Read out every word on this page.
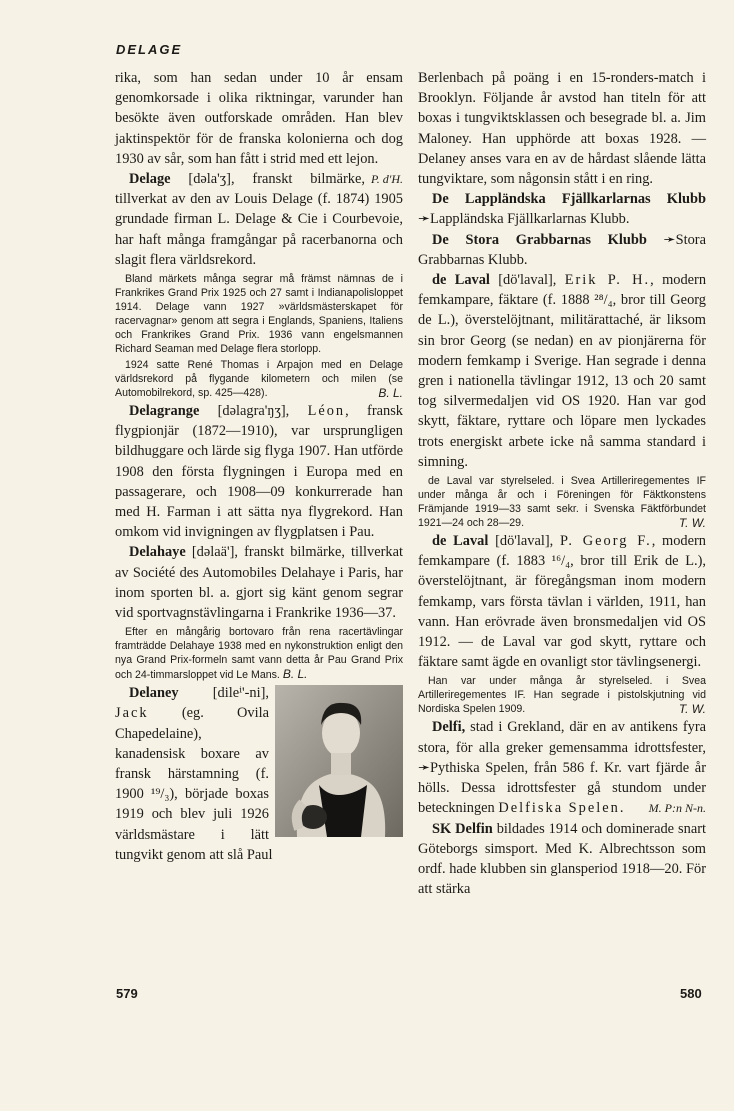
DELAGE

rika, som han sedan under 10 år ensam genomkorsade i olika riktningar, varunder han besökte även outforskade områden. Han blev jaktinspektör för de franska kolonierna och dog 1930 av sår, som han fått i strid med ett lejon.
P. d'H.

Delage [dəla'ʒ], franskt bilmärke, tillverkat av den av Louis Delage (f. 1874) 1905 grundade firman L. Delage & Cie i Courbevoie, har haft många framgångar på racerbanorna och slagit flera världsrekord.

Bland märkets många segrar må främst nämnas de i Frankrikes Grand Prix 1925 och 27 samt i Indianapolisloppet 1914. Delage vann 1927 »världsmästerskapet för racervagnar» genom att segra i Englands, Spaniens, Italiens och Frankrikes Grand Prix. 1936 vann engelsmannen Richard Seaman med Delage flera storlopp.

1924 satte René Thomas i Arpajon med en Delage världsrekord på flygande kilometern och milen (se Automobilrekord, sp. 425—428).	B. L.

Delagrange [dəlagra'ŋʒ], Léon, fransk flygpionjär (1872—1910), var ursprungligen bildhuggare och lärde sig flyga 1907. Han utförde 1908 den första flygningen i Europa med en passagerare, och 1908—09 konkurrerade han med H. Farman i att sätta nya flygrekord. Han omkom vid invigningen av flygplatsen i Pau.

Delahaye [dəlaä'], franskt bilmärke, tillverkat av Société des Automobiles Delahaye i Paris, har inom sporten bl. a. gjort sig känt genom segrar vid sportvagnstävlingarna i Frankrike 1936—37.

Efter en mångårig bortovaro från rena racertävlingar framträdde Delahaye 1938 med en nykonstruktion enligt den nya Grand Prix-formeln samt vann detta år Pau Grand Prix och 24-timmarsloppet vid Le Mans. B. L.

Delaney [dileⁱ'-ni], Jack (eg. Ovila Chapedelaine), kanadensisk boxare av fransk härstamning (f. 1900 ¹⁹/₃), började boxas 1919 och blev juli 1926 världsmästare i lätt tungvikt genom att slå Paul

Berlenbach på poäng i en 15-ronders-match i Brooklyn. Följande år avstod han titeln för att boxas i tungviktsklassen och besegrade bl. a. Jim Maloney. Han upphörde att boxas 1928. — Delaney anses vara en av de hårdast slående lätta tungviktare, som någonsin stått i en ring.

De Lappländska Fjällkarlarnas Klubb ➛Lappländska Fjällkarlarnas Klubb.

De Stora Grabbarnas Klubb ➛Stora Grabbarnas Klubb.

de Laval [dö'laval], Erik P. H., modern femkampare, fäktare (f. 1888 ²⁸/₄, bror till Georg de L.), överstelöjtnant, militärattaché, är liksom sin bror Georg (se nedan) en av pionjärerna för modern femkamp i Sverige. Han segrade i denna gren i nationella tävlingar 1912, 13 och 20 samt tog silvermedaljen vid OS 1920. Han var god skytt, fäktare, ryttare och löpare men lyckades trots energiskt arbete icke nå samma standard i simning.

de Laval var styrelseled. i Svea Artilleriregementes IF under många år och i Föreningen för Fäktkonstens Främjande 1919—33 samt sekr. i Svenska Fäktförbundet 1921—24 och 28—29.	T. W.

de Laval [dö'laval], P. Georg F., modern femkampare (f. 1883 ¹⁶/₄, bror till Erik de L.), överstelöjtnant, är föregångsman inom modern femkamp, vars första tävlan i världen, 1911, han vann. Han erövrade även bronsmedaljen vid OS 1912. — de Laval var god skytt, ryttare och fäktare samt ägde en ovanligt stor tävlingsenergi.

Han var under många år styrelseled. i Svea Artilleriregementes IF. Han segrade i pistolskjutning vid Nordiska Spelen 1909.	T. W.

Delfi, stad i Grekland, där en av antikens fyra stora, för alla greker gemensamma idrottsfester, ➛Pythiska Spelen, från 586 f. Kr. vart fjärde år hölls. Dessa idrottsfester gå stundom under beteckningen Delfiska Spelen.	M. P:n N-n.

SK Delfin bildades 1914 och dominerade snart Göteborgs simsport. Med K. Albrechtsson som ordf. hade klubben sin glansperiod 1918—20. För att stärka

579	580
